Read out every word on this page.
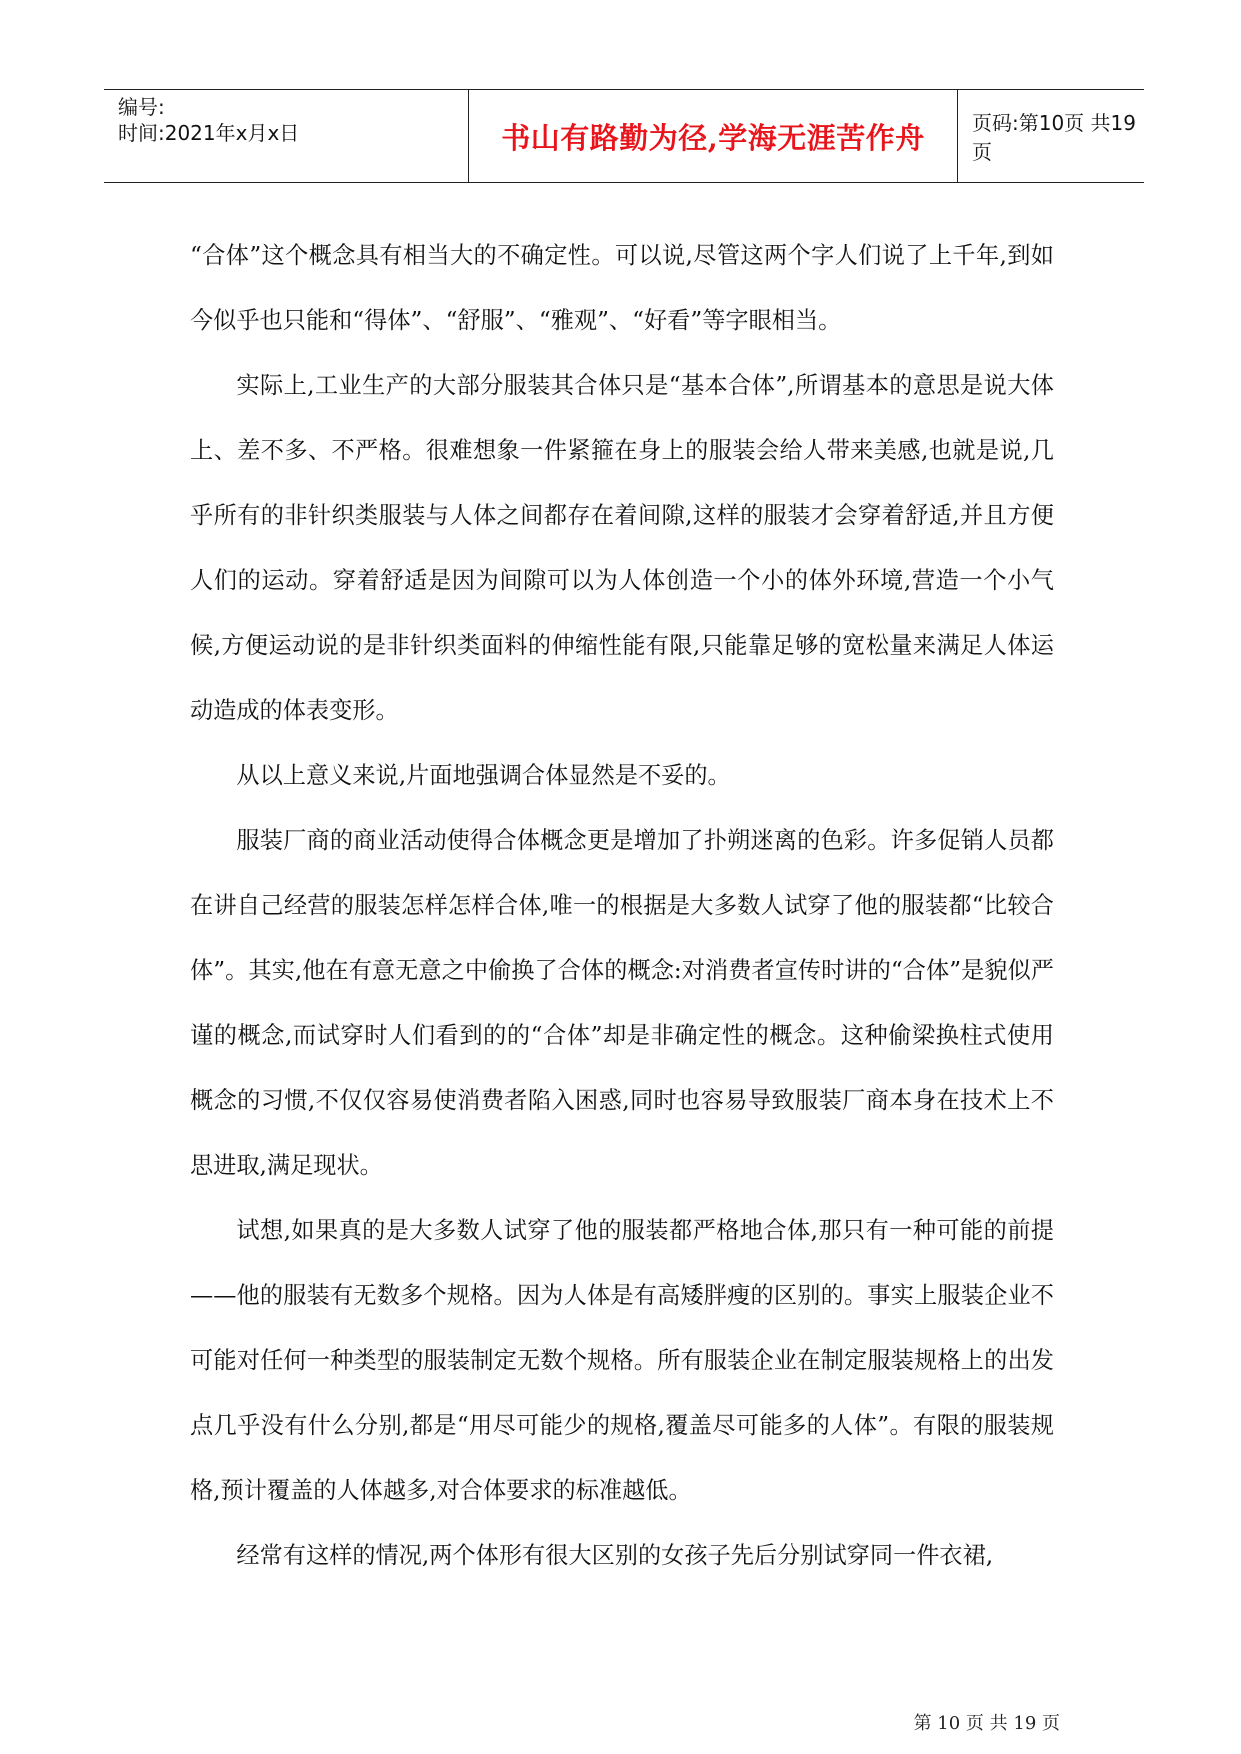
编号:
时间:2021年x月x日	书山有路勤为径,学海无涯苦作舟	页码:第10页 共19页

“合体”这个概念具有相当大的不确定性。可以说,尽管这两个字人们说了上千年,到如今似乎也只能和“得体”、“舒服”、“雅观”、“好看”等字眼相当。

实际上,工业生产的大部分服装其合体只是“基本合体”,所谓基本的意思是说大体上、差不多、不严格。很难想象一件紧箍在身上的服装会给人带来美感,也就是说,几乎所有的非针织类服装与人体之间都存在着间隙,这样的服装才会穿着舒适,并且方便人们的运动。穿着舒适是因为间隙可以为人体创造一个小的体外环境,营造一个小气候,方便运动说的是非针织类面料的伸缩性能有限,只能靠足够的宽松量来满足人体运动造成的体表变形。

从以上意义来说,片面地强调合体显然是不妥的。

服装厂商的商业活动使得合体概念更是增加了扑朔迷离的色彩。许多促销人员都在讲自己经营的服装怎样怎样合体,唯一的根据是大多数人试穿了他的服装都“比较合体”。其实,他在有意无意之中偷换了合体的概念:对消费者宣传时讲的“合体”是貌似严谨的概念,而试穿时人们看到的的“合体”却是非确定性的概念。这种偷梁换柱式使用概念的习惯,不仅仅容易使消费者陷入困惑,同时也容易导致服装厂商本身在技术上不思进取,满足现状。

试想,如果真的是大多数人试穿了他的服装都严格地合体,那只有一种可能的前提——他的服装有无数多个规格。因为人体是有高矮胖瘦的区别的。事实上服装企业不可能对任何一种类型的服装制定无数个规格。所有服装企业在制定服装规格上的出发点几乎没有什么分别,都是“用尽可能少的规格,覆盖尽可能多的人体”。有限的服装规格,预计覆盖的人体越多,对合体要求的标准越低。

经常有这样的情况,两个体形有很大区别的女孩子先后分别试穿同一件衣裙,

第 10 页 共 19 页
